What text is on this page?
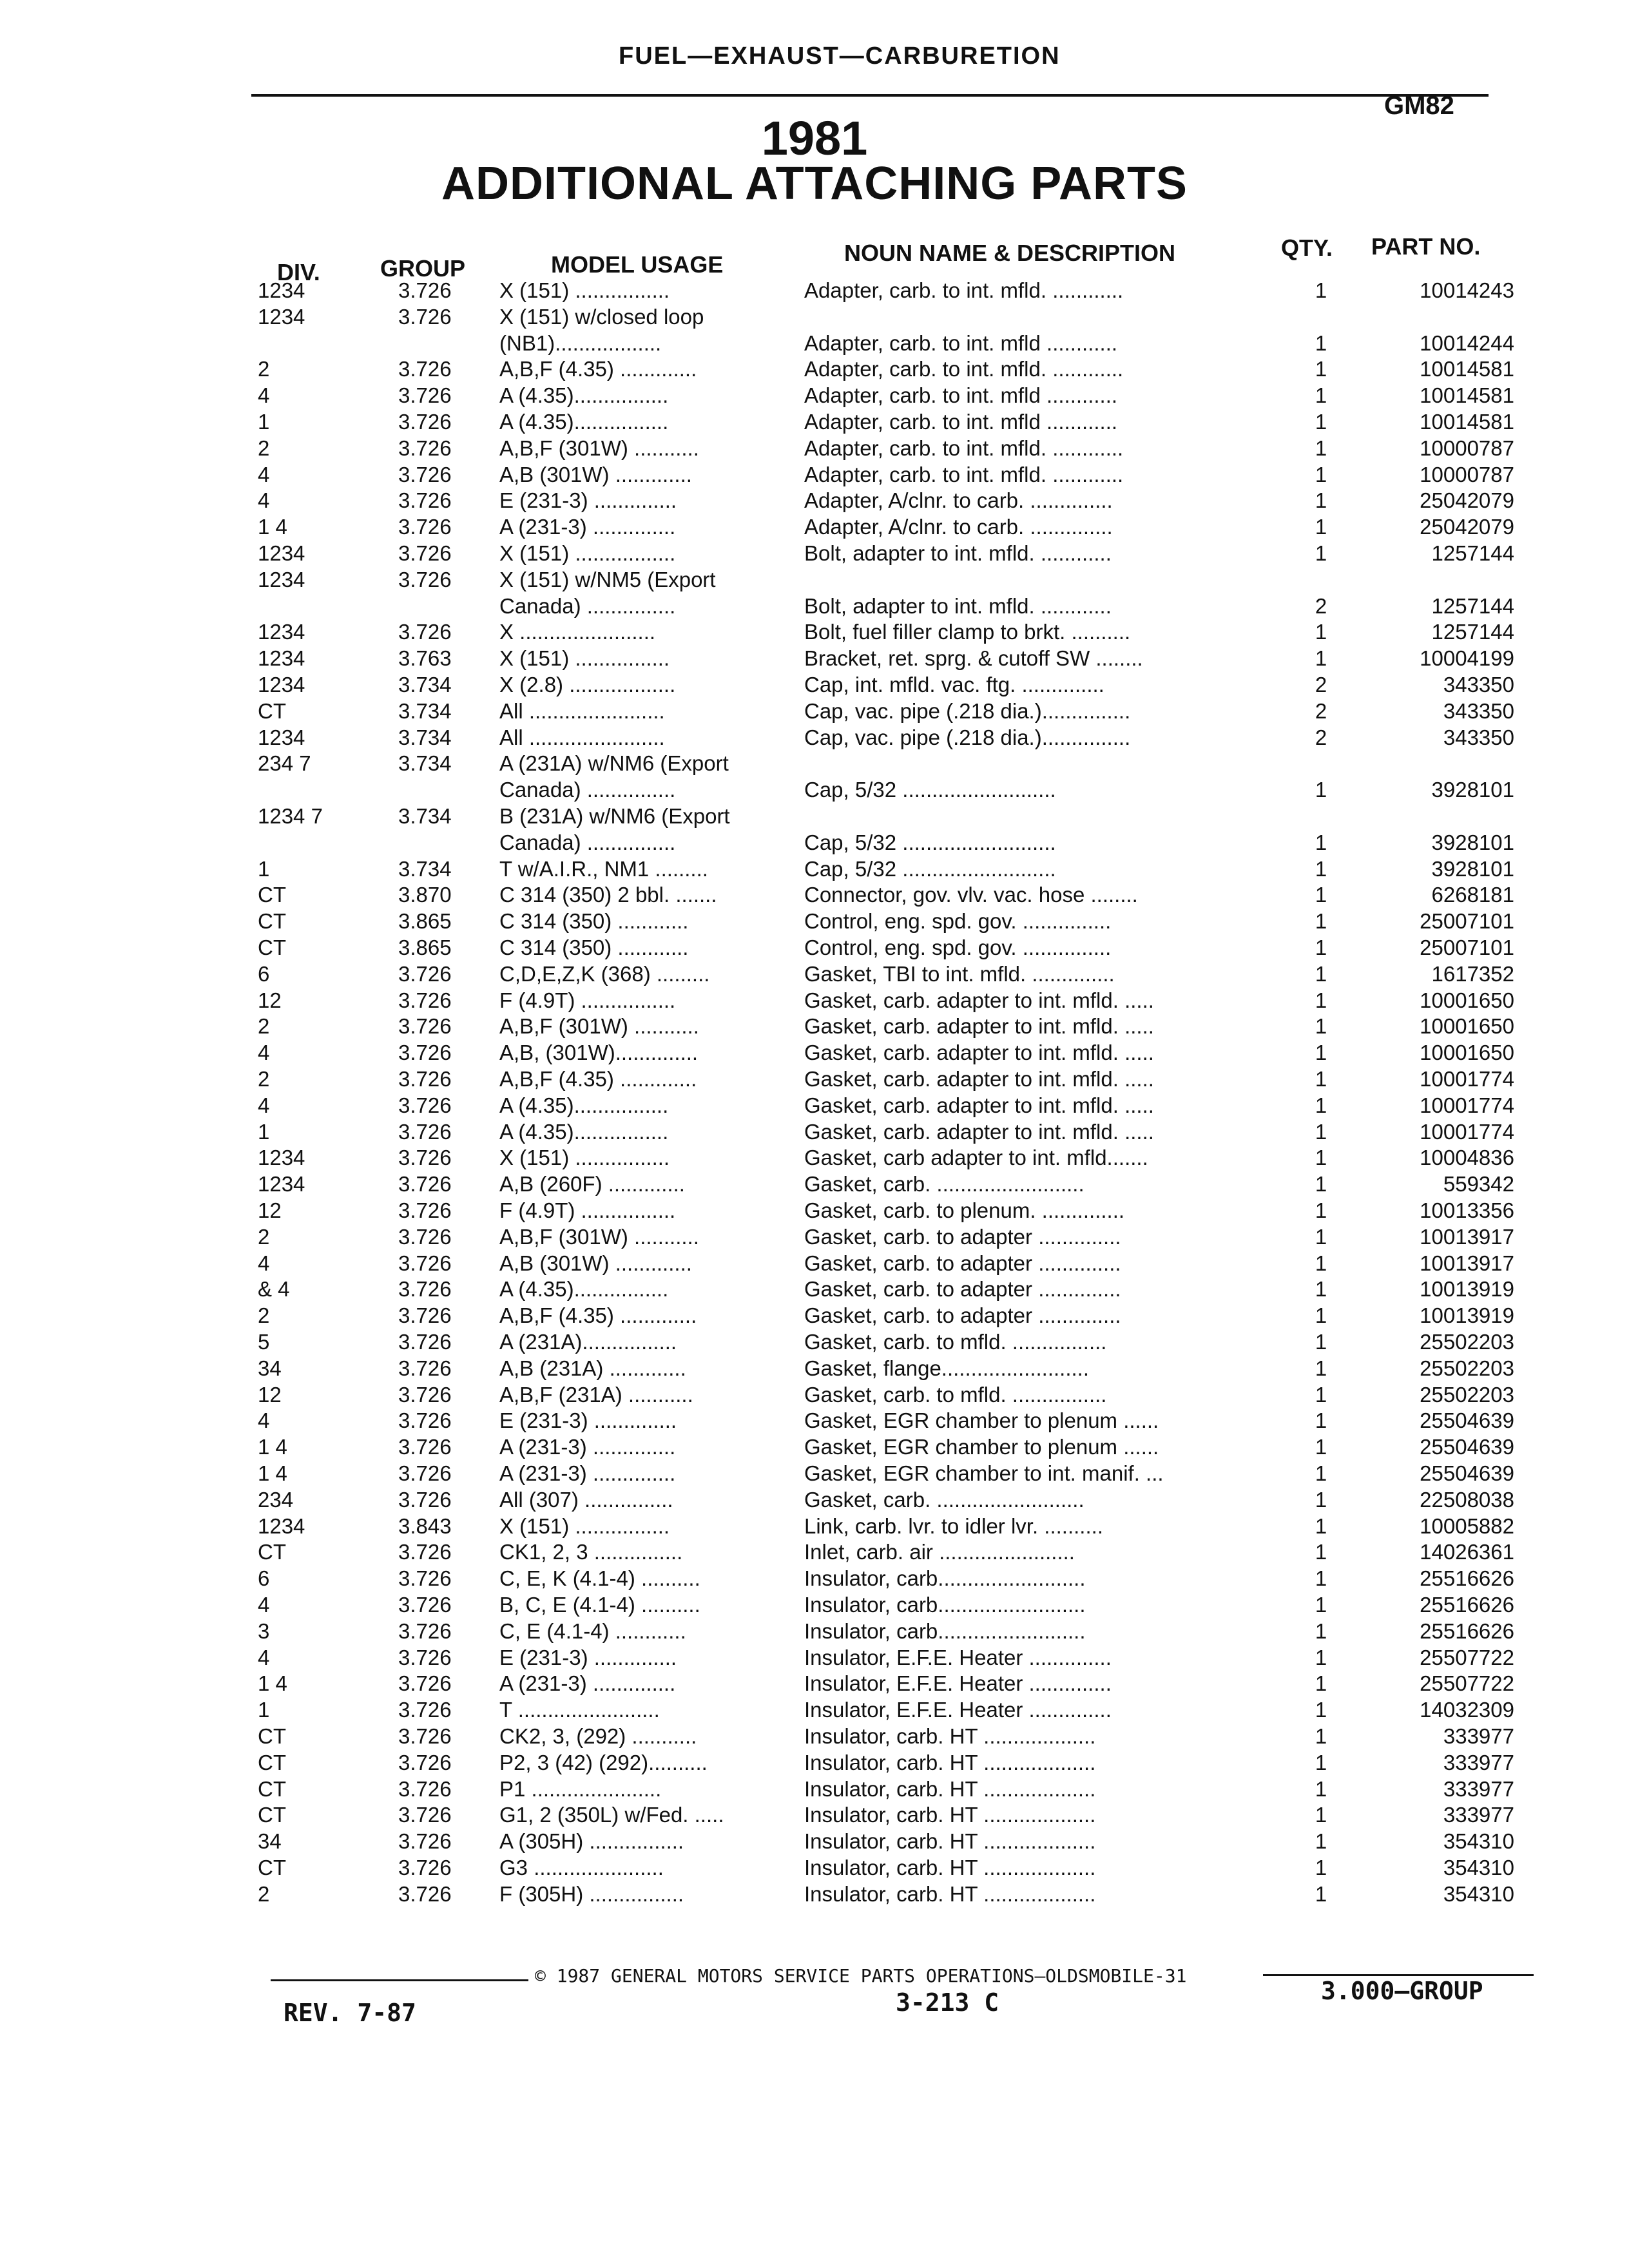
FUEL—EXHAUST—CARBURETION
GM82
1981
ADDITIONAL ATTACHING PARTS
DIV.	GROUP	MODEL USAGE	NOUN NAME & DESCRIPTION	QTY. PART NO.
1234	3.726	X (151) ................	Adapter, carb. to int. mfld. ............	1	10014243
1234	3.726	X (151) w/closed loop
(NB1)..................	Adapter, carb. to int. mfld ............	1	10014244
2	3.726	A,B,F (4.35) .............	Adapter, carb. to int. mfld. ............	1	10014581
4	3.726	A (4.35)................	Adapter, carb. to int. mfld ............	1	10014581
1	3.726	A (4.35)................	Adapter, carb. to int. mfld ............	1	10014581
2	3.726	A,B,F (301W) ...........	Adapter, carb. to int. mfld. ............	1	10000787
4	3.726	A,B (301W) .............	Adapter, carb. to int. mfld. ............	1	10000787
4	3.726	E (231-3) ..............	Adapter, A/clnr. to carb. ..............	1	25042079
1 4	3.726	A (231-3) ..............	Adapter, A/clnr. to carb. ..............	1	25042079
1234	3.726	X (151) .................	Bolt, adapter to int. mfld. ............	1	1257144
1234	3.726	X (151) w/NM5 (Export
Canada) ...............	Bolt, adapter to int. mfld. ............	2	1257144
1234	3.726	X .......................	Bolt, fuel filler clamp to brkt. ..........	1	1257144
1234	3.763	X (151) ................	Bracket, ret. sprg. & cutoff SW ........	1	10004199
1234	3.734	X (2.8) ..................	Cap, int. mfld. vac. ftg. ..............	2	343350
CT	3.734	All .......................	Cap, vac. pipe (.218 dia.)...............	2	343350
1234	3.734	All .......................	Cap, vac. pipe (.218 dia.)...............	2	343350
234 7	3.734	A (231A) w/NM6 (Export
Canada) ...............	Cap, 5/32 ..........................	1	3928101
1234 7	3.734	B (231A) w/NM6 (Export
Canada) ...............	Cap, 5/32 ..........................	1	3928101
1	3.734	T w/A.I.R., NM1 .........	Cap, 5/32 ..........................	1	3928101
CT	3.870	C 314 (350) 2 bbl. .......	Connector, gov. vlv. vac. hose ........	1	6268181
CT	3.865	C 314 (350) ............	Control, eng. spd. gov. ...............	1	25007101
CT	3.865	C 314 (350) ............	Control, eng. spd. gov. ...............	1	25007101
6	3.726	C,D,E,Z,K (368) .........	Gasket, TBI to int. mfld. ..............	1	1617352
12	3.726	F (4.9T) ................	Gasket, carb. adapter to int. mfld. .....	1	10001650
2	3.726	A,B,F (301W) ...........	Gasket, carb. adapter to int. mfld. .....	1	10001650
4	3.726	A,B, (301W)..............	Gasket, carb. adapter to int. mfld. .....	1	10001650
2	3.726	A,B,F (4.35) .............	Gasket, carb. adapter to int. mfld. .....	1	10001774
4	3.726	A (4.35)................	Gasket, carb. adapter to int. mfld. .....	1	10001774
1	3.726	A (4.35)................	Gasket, carb. adapter to int. mfld. .....	1	10001774
1234	3.726	X (151) ................	Gasket, carb adapter to int. mfld.......	1	10004836
1234	3.726	A,B (260F) .............	Gasket, carb. .........................	1	559342
12	3.726	F (4.9T) ................	Gasket, carb. to plenum. ..............	1	10013356
2	3.726	A,B,F (301W) ...........	Gasket, carb. to adapter ..............	1	10013917
4	3.726	A,B (301W) .............	Gasket, carb. to adapter ..............	1	10013917
& 4	3.726	A (4.35)................	Gasket, carb. to adapter ..............	1	10013919
2	3.726	A,B,F (4.35) .............	Gasket, carb. to adapter ..............	1	10013919
5	3.726	A (231A)................	Gasket, carb. to mfld. ................	1	25502203
34	3.726	A,B (231A) .............	Gasket, flange.........................	1	25502203
12	3.726	A,B,F (231A) ...........	Gasket, carb. to mfld. ................	1	25502203
4	3.726	E (231-3) ..............	Gasket, EGR chamber to plenum ......	1	25504639
1 4	3.726	A (231-3) ..............	Gasket, EGR chamber to plenum ......	1	25504639
1 4	3.726	A (231-3) ..............	Gasket, EGR chamber to int. manif. ...	1	25504639
234	3.726	All (307) ...............	Gasket, carb. .........................	1	22508038
1234	3.843	X (151) ................	Link, carb. lvr. to idler lvr. ..........	1	10005882
CT	3.726	CK1, 2, 3 ...............	Inlet, carb. air .......................	1	14026361
6	3.726	C, E, K (4.1-4) ..........	Insulator, carb.........................	1	25516626
4	3.726	B, C, E (4.1-4) ..........	Insulator, carb.........................	1	25516626
3	3.726	C, E (4.1-4) ............	Insulator, carb.........................	1	25516626
4	3.726	E (231-3) ..............	Insulator, E.F.E. Heater ..............	1	25507722
1 4	3.726	A (231-3) ..............	Insulator, E.F.E. Heater ..............	1	25507722
1	3.726	T ........................	Insulator, E.F.E. Heater ..............	1	14032309
CT	3.726	CK2, 3, (292) ...........	Insulator, carb. HT ...................	1	333977
CT	3.726	P2, 3 (42) (292)..........	Insulator, carb. HT ...................	1	333977
CT	3.726	P1 ......................	Insulator, carb. HT ...................	1	333977
CT	3.726	G1, 2 (350L) w/Fed. .....	Insulator, carb. HT ...................	1	333977
34	3.726	A (305H) ................	Insulator, carb. HT ...................	1	354310
CT	3.726	G3 ......................	Insulator, carb. HT ...................	1	354310
2	3.726	F (305H) ................	Insulator, carb. HT ...................	1	354310
© 1987 GENERAL MOTORS SERVICE PARTS OPERATIONS—OLDSMOBILE-31
REV. 7-87	3-213 C	3.000—GROUP
